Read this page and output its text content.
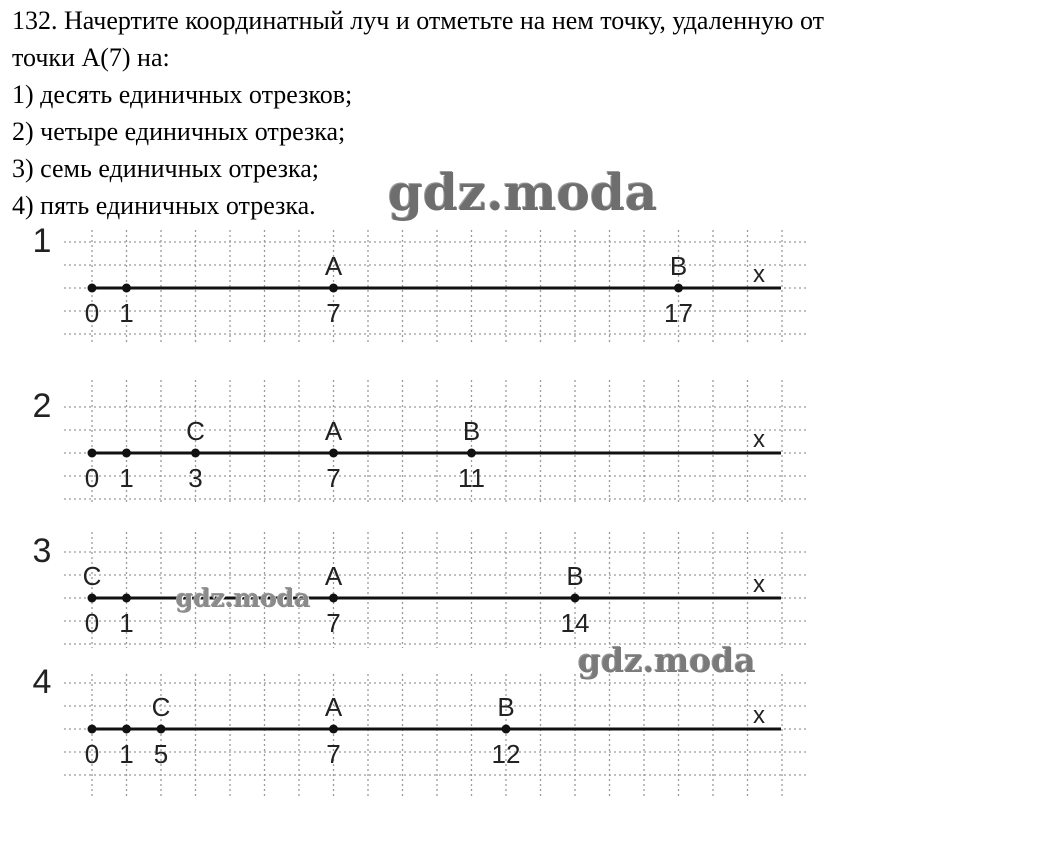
132. Начертите координатный луч и отметьте на нем точку, удаленную от
точки A(7) на:
1) десять единичных отрезков;
2) четыре единичных отрезка;
3) семь единичных отрезка;
4) пять единичных отрезка.
1
x
0 1	7
A
17
B
2
x
0 1 3
C
7
A
11
B
3
x
0
C
1	7
A
14
B
4
x
0 1 5
C
7
A
12
B
gdz.moda
gdz.moda
gdz.moda
